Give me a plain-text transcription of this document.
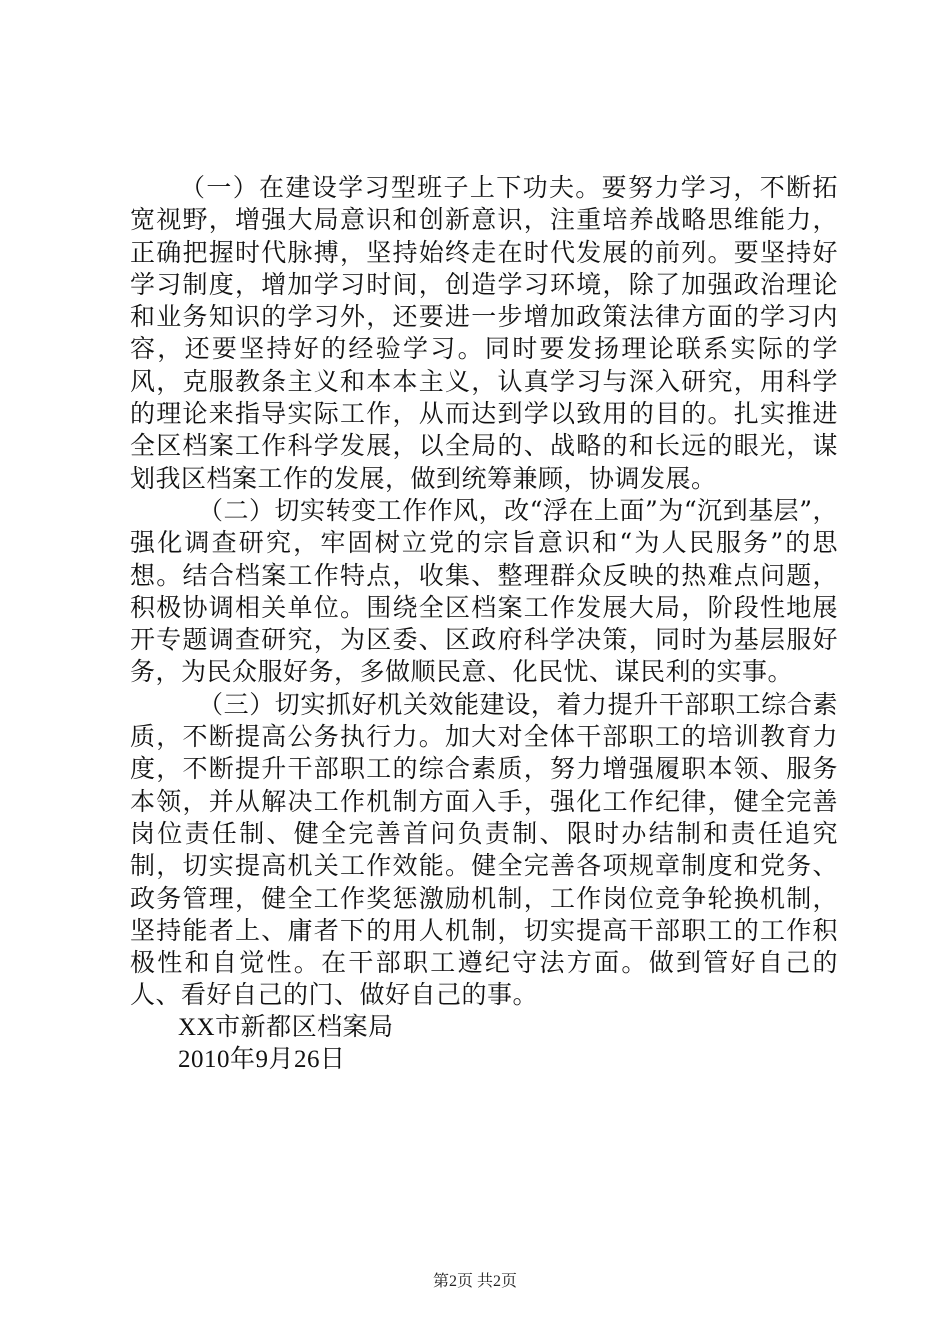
（一）在建设学习型班子上下功夫。要努力学习，不断拓宽视野，增强大局意识和创新意识，注重培养战略思维能力，正确把握时代脉搏，坚持始终走在时代发展的前列。要坚持好学习制度，增加学习时间，创造学习环境，除了加强政治理论和业务知识的学习外，还要进一步增加政策法律方面的学习内容，还要坚持好的经验学习。同时要发扬理论联系实际的学风，克服教条主义和本本主义，认真学习与深入研究，用科学的理论来指导实际工作，从而达到学以致用的目的。扎实推进全区档案工作科学发展，以全局的、战略的和长远的眼光，谋划我区档案工作的发展，做到统筹兼顾，协调发展。

（二）切实转变工作作风，改“浮在上面”为“沉到基层”，强化调查研究，牢固树立党的宗旨意识和“为人民服务”的思想。结合档案工作特点，收集、整理群众反映的热难点问题，积极协调相关单位。围绕全区档案工作发展大局，阶段性地展开专题调查研究，为区委、区政府科学决策，同时为基层服好务，为民众服好务，多做顺民意、化民忧、谋民利的实事。

（三）切实抓好机关效能建设，着力提升干部职工综合素质，不断提高公务执行力。加大对全体干部职工的培训教育力度，不断提升干部职工的综合素质，努力增强履职本领、服务本领，并从解决工作机制方面入手，强化工作纪律，健全完善岗位责任制、健全完善首问负责制、限时办结制和责任追究制，切实提高机关工作效能。健全完善各项规章制度和党务、政务管理，健全工作奖惩激励机制，工作岗位竞争轮换机制，坚持能者上、庸者下的用人机制，切实提高干部职工的工作积极性和自觉性。在干部职工遵纪守法方面。做到管好自己的人、看好自己的门、做好自己的事。

XX市新都区档案局

2010年9月26日

第2页 共2页
